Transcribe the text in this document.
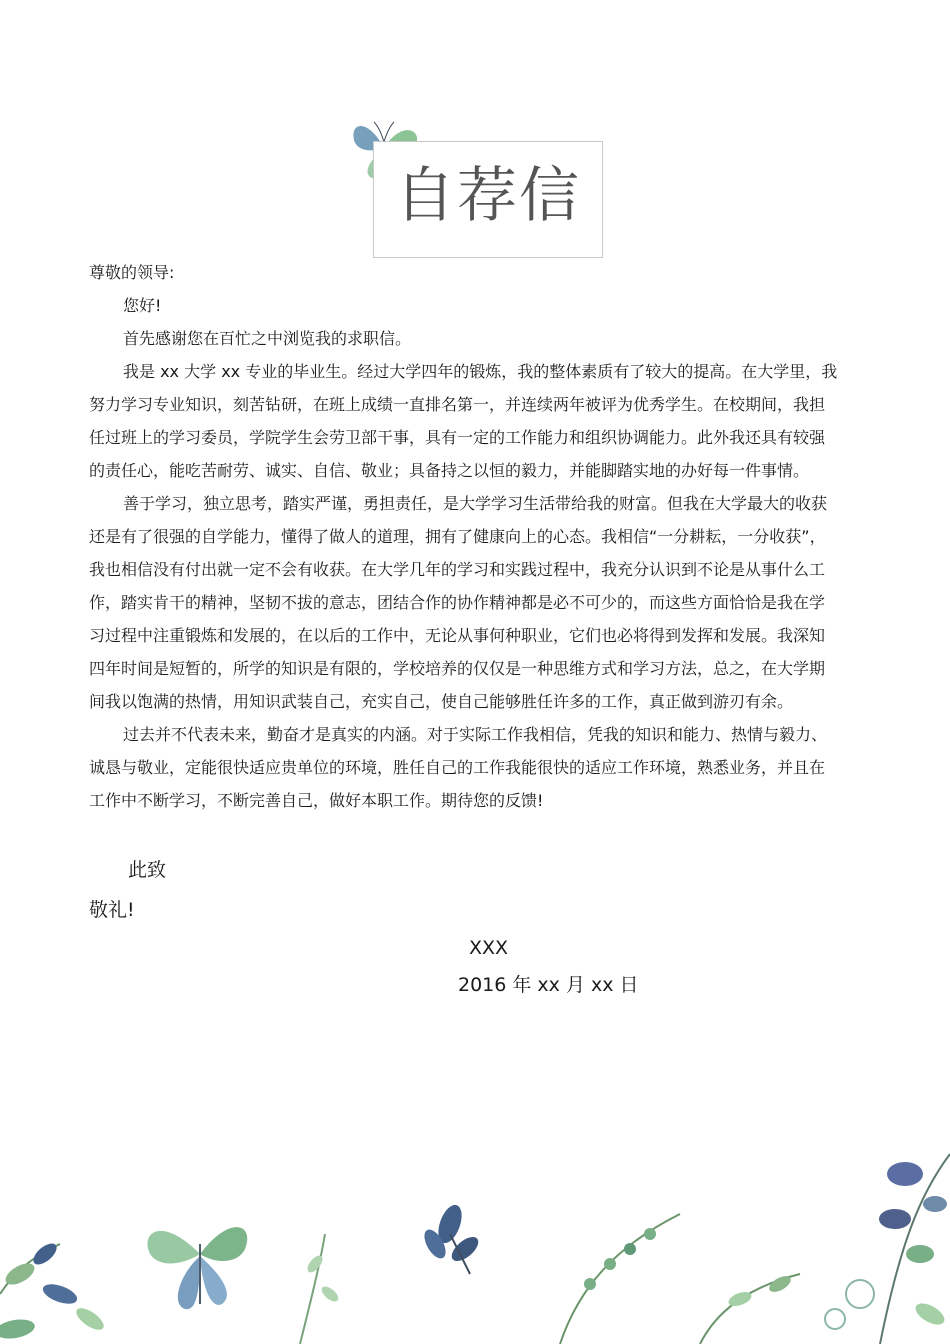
自荐信
尊敬的领导:
您好!
首先感谢您在百忙之中浏览我的求职信。
我是 xx 大学 xx 专业的毕业生。经过大学四年的锻炼，我的整体素质有了较大的提高。在大学里，我
努力学习专业知识，刻苦钻研，在班上成绩一直排名第一，并连续两年被评为优秀学生。在校期间，我担
任过班上的学习委员，学院学生会劳卫部干事，具有一定的工作能力和组织协调能力。此外我还具有较强
的责任心，能吃苦耐劳、诚实、自信、敬业；具备持之以恒的毅力，并能脚踏实地的办好每一件事情。
善于学习，独立思考，踏实严谨，勇担责任，是大学学习生活带给我的财富。但我在大学最大的收获
还是有了很强的自学能力，懂得了做人的道理，拥有了健康向上的心态。我相信“一分耕耘，一分收获”，
我也相信没有付出就一定不会有收获。在大学几年的学习和实践过程中，我充分认识到不论是从事什么工
作，踏实肯干的精神，坚韧不拔的意志，团结合作的协作精神都是必不可少的，而这些方面恰恰是我在学
习过程中注重锻炼和发展的，在以后的工作中，无论从事何种职业，它们也必将得到发挥和发展。我深知
四年时间是短暂的，所学的知识是有限的，学校培养的仅仅是一种思维方式和学习方法，总之，在大学期
间我以饱满的热情，用知识武装自己，充实自己，使自己能够胜任许多的工作，真正做到游刃有余。
过去并不代表未来，勤奋才是真实的内涵。对于实际工作我相信，凭我的知识和能力、热情与毅力、
诚恳与敬业，定能很快适应贵单位的环境，胜任自己的工作我能很快的适应工作环境，熟悉业务，并且在
工作中不断学习，不断完善自己，做好本职工作。期待您的反馈!
此致
敬礼!
XXX
2016 年 xx 月 xx 日
